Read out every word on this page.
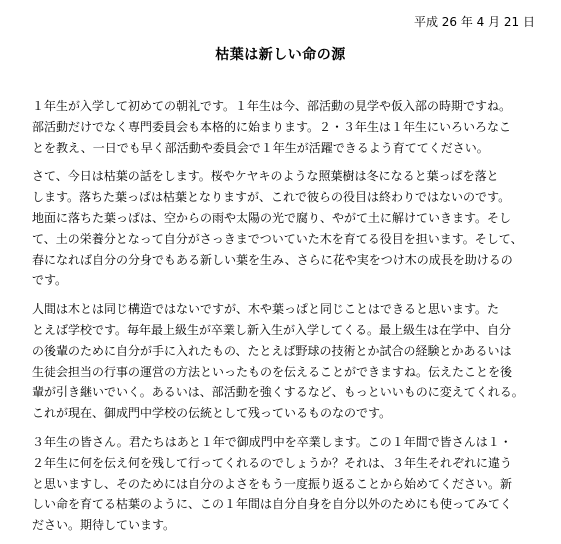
平成 26 年 4 月 21 日
枯葉は新しい命の源
１年生が入学して初めての朝礼です。１年生は今、部活動の見学や仮入部の時期ですね。
部活動だけでなく専門委員会も本格的に始まります。２・３年生は１年生にいろいろなこ
とを教え、一日でも早く部活動や委員会で１年生が活躍できるよう育ててください。
さて、今日は枯葉の話をします。桜やケヤキのような照葉樹は冬になると葉っぱを落と
します。落ちた葉っぱは枯葉となりますが、これで彼らの役目は終わりではないのです。
地面に落ちた葉っぱは、空からの雨や太陽の光で腐り、やがて土に解けていきます。そし
て、土の栄養分となって自分がさっきまでついていた木を育てる役目を担います。そして、
春になれば自分の分身でもある新しい葉を生み、さらに花や実をつけ木の成長を助けるの
です。
人間は木とは同じ構造ではないですが、木や葉っぱと同じことはできると思います。た
とえば学校です。毎年最上級生が卒業し新入生が入学してくる。最上級生は在学中、自分
の後輩のために自分が手に入れたもの、たとえば野球の技術とか試合の経験とかあるいは
生徒会担当の行事の運営の方法といったものを伝えることができますね。伝えたことを後
輩が引き継いでいく。あるいは、部活動を強くするなど、もっといいものに変えてくれる。
これが現在、御成門中学校の伝統として残っているものなのです。
３年生の皆さん。君たちはあと１年で御成門中を卒業します。この１年間で皆さんは１・
２年生に何を伝え何を残して行ってくれるのでしょうか？それは、３年生それぞれに違う
と思いますし、そのためには自分のよさをもう一度振り返ることから始めてください。新
しい命を育てる枯葉のように、この１年間は自分自身を自分以外のためにも使ってみてく
ださい。期待しています。
